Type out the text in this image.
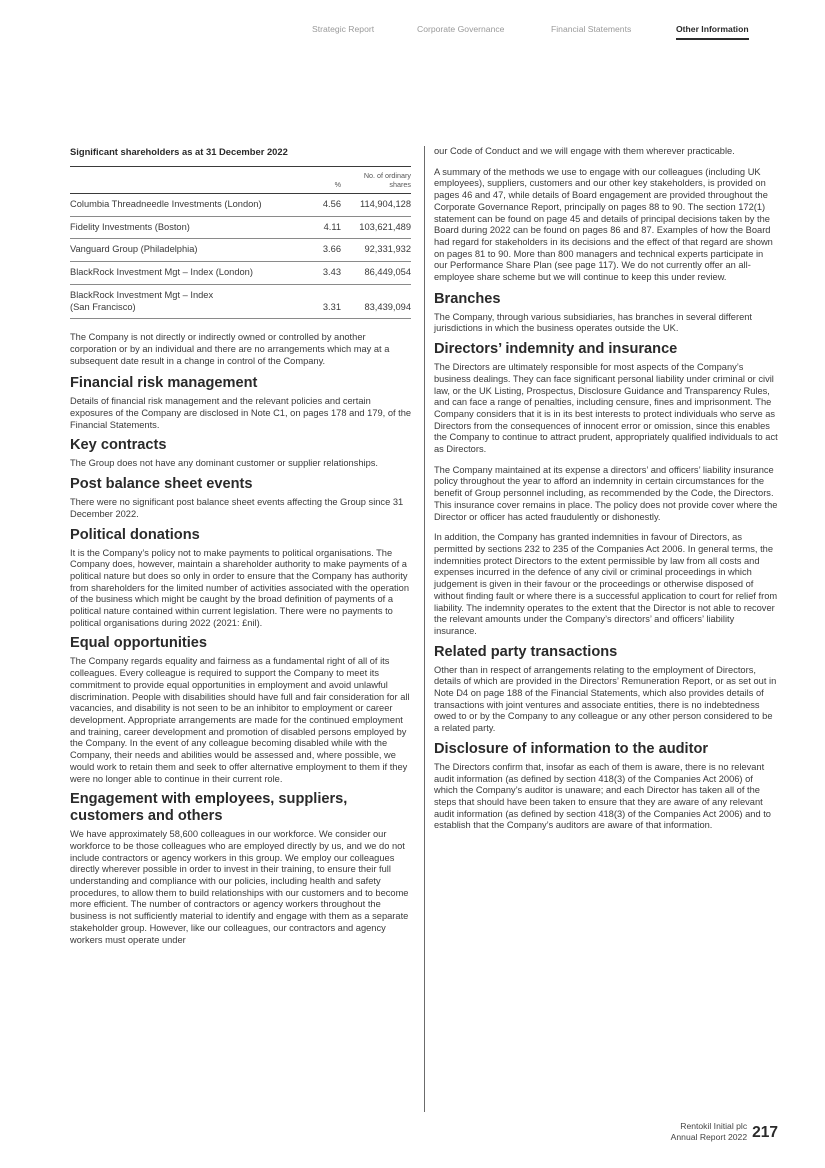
Strategic Report	Corporate Governance	Financial Statements	Other Information
Significant shareholders as at 31 December 2022
	%	No. of ordinary
shares
Columbia Threadneedle Investments (London)	4.56	114,904,128
Fidelity Investments (Boston)	4.11	103,621,489
Vanguard Group (Philadelphia)	3.66	92,331,932
BlackRock Investment Mgt – Index (London)	3.43	86,449,054
BlackRock Investment Mgt – Index
(San Francisco)	3.31	83,439,094

The Company is not directly or indirectly owned or controlled by another corporation or by an individual and there are no arrangements which may at a subsequent date result in a change in control of the Company.

Financial risk management

Details of financial risk management and the relevant policies and certain exposures of the Company are disclosed in Note C1, on pages 178 and 179, of the Financial Statements.

Key contracts

The Group does not have any dominant customer or supplier relationships.

Post balance sheet events

There were no significant post balance sheet events affecting the Group since 31 December 2022.

Political donations

It is the Company’s policy not to make payments to political organisations. The Company does, however, maintain a shareholder authority to make payments of a political nature but does so only in order to ensure that the Company has authority from shareholders for the limited number of activities associated with the operation of the business which might be caught by the broad definition of payments of a political nature contained within current legislation. There were no payments to political organisations during 2022 (2021: £nil).

Equal opportunities

The Company regards equality and fairness as a fundamental right of all of its colleagues. Every colleague is required to support the Company to meet its commitment to provide equal opportunities in employment and avoid unlawful discrimination. People with disabilities should have full and fair consideration for all vacancies, and disability is not seen to be an inhibitor to employment or career development. Appropriate arrangements are made for the continued employment and training, career development and promotion of disabled persons employed by the Company. In the event of any colleague becoming disabled while with the Company, their needs and abilities would be assessed and, where possible, we would work to retain them and seek to offer alternative employment to them if they were no longer able to continue in their current role.

Engagement with employees, suppliers, customers and others

We have approximately 58,600 colleagues in our workforce. We consider our workforce to be those colleagues who are employed directly by us, and we do not include contractors or agency workers in this group. We employ our colleagues directly wherever possible in order to invest in their training, to ensure their full understanding and compliance with our policies, including health and safety procedures, to allow them to build relationships with our customers and to become more efficient. The number of contractors or agency workers throughout the business is not sufficiently material to identify and engage with them as a separate stakeholder group. However, like our colleagues, our contractors and agency workers must operate under

our Code of Conduct and we will engage with them wherever practicable.

A summary of the methods we use to engage with our colleagues (including UK employees), suppliers, customers and our other key stakeholders, is provided on pages 46 and 47, while details of Board engagement are provided throughout the Corporate Governance Report, principally on pages 88 to 90. The section 172(1) statement can be found on page 45 and details of principal decisions taken by the Board during 2022 can be found on pages 86 and 87. Examples of how the Board had regard for stakeholders in its decisions and the effect of that regard are shown on pages 81 to 90. More than 800 managers and technical experts participate in our Performance Share Plan (see page 117). We do not currently offer an all-employee share scheme but we will continue to keep this under review.

Branches

The Company, through various subsidiaries, has branches in several different jurisdictions in which the business operates outside the UK.

Directors’ indemnity and insurance

The Directors are ultimately responsible for most aspects of the Company’s business dealings. They can face significant personal liability under criminal or civil law, or the UK Listing, Prospectus, Disclosure Guidance and Transparency Rules, and can face a range of penalties, including censure, fines and imprisonment. The Company considers that it is in its best interests to protect individuals who serve as Directors from the consequences of innocent error or omission, since this enables the Company to continue to attract prudent, appropriately qualified individuals to act as Directors.

The Company maintained at its expense a directors’ and officers’ liability insurance policy throughout the year to afford an indemnity in certain circumstances for the benefit of Group personnel including, as recommended by the Code, the Directors. This insurance cover remains in place. The policy does not provide cover where the Director or officer has acted fraudulently or dishonestly.

In addition, the Company has granted indemnities in favour of Directors, as permitted by sections 232 to 235 of the Companies Act 2006. In general terms, the indemnities protect Directors to the extent permissible by law from all costs and expenses incurred in the defence of any civil or criminal proceedings in which judgement is given in their favour or the proceedings or otherwise disposed of without finding fault or where there is a successful application to court for relief from liability. The indemnity operates to the extent that the Director is not able to recover the relevant amounts under the Company’s directors’ and officers’ liability insurance.

Related party transactions

Other than in respect of arrangements relating to the employment of Directors, details of which are provided in the Directors’ Remuneration Report, or as set out in Note D4 on page 188 of the Financial Statements, which also provides details of transactions with joint ventures and associate entities, there is no indebtedness owed to or by the Company to any colleague or any other person considered to be a related party.

Disclosure of information to the auditor

The Directors confirm that, insofar as each of them is aware, there is no relevant audit information (as defined by section 418(3) of the Companies Act 2006) of which the Company’s auditor is unaware; and each Director has taken all of the steps that should have been taken to ensure that they are aware of any relevant audit information (as defined by section 418(3) of the Companies Act 2006) and to establish that the Company’s auditors are aware of that information.

Rentokil Initial plc
Annual Report 2022 217
